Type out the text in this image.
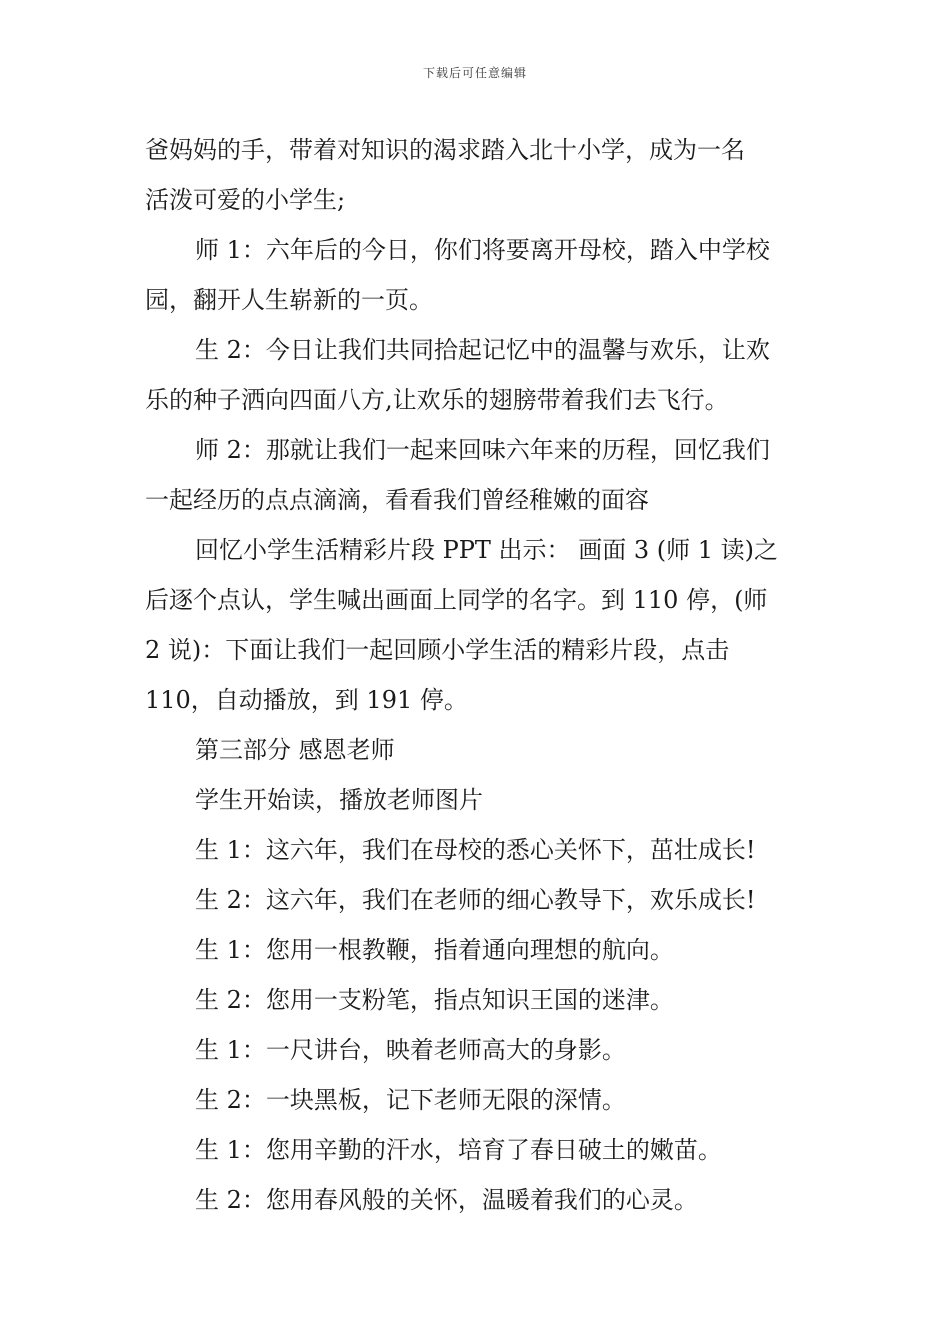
下载后可任意编辑

爸妈妈的手，带着对知识的渴求踏入北十小学，成为一名

活泼可爱的小学生;

师 1：六年后的今日，你们将要离开母校，踏入中学校

园，翻开人生崭新的一页。

生 2：今日让我们共同拾起记忆中的温馨与欢乐，让欢

乐的种子洒向四面八方,让欢乐的翅膀带着我们去飞行。

师 2：那就让我们一起来回味六年来的历程，回忆我们

一起经历的点点滴滴，看看我们曾经稚嫩的面容

回忆小学生活精彩片段 PPT 出示： 画面 3 (师 1 读)之

后逐个点认，学生喊出画面上同学的名字。到 110 停，(师

2 说)：下面让我们一起回顾小学生活的精彩片段，点击

110，自动播放，到 191 停。

第三部分 感恩老师

学生开始读，播放老师图片

生 1：这六年，我们在母校的悉心关怀下，茁壮成长!

生 2：这六年，我们在老师的细心教导下，欢乐成长!

生 1：您用一根教鞭，指着通向理想的航向。

生 2：您用一支粉笔，指点知识王国的迷津。

生 1：一尺讲台，映着老师高大的身影。

生 2：一块黑板，记下老师无限的深情。

生 1：您用辛勤的汗水，培育了春日破土的嫩苗。

生 2：您用春风般的关怀，温暖着我们的心灵。
